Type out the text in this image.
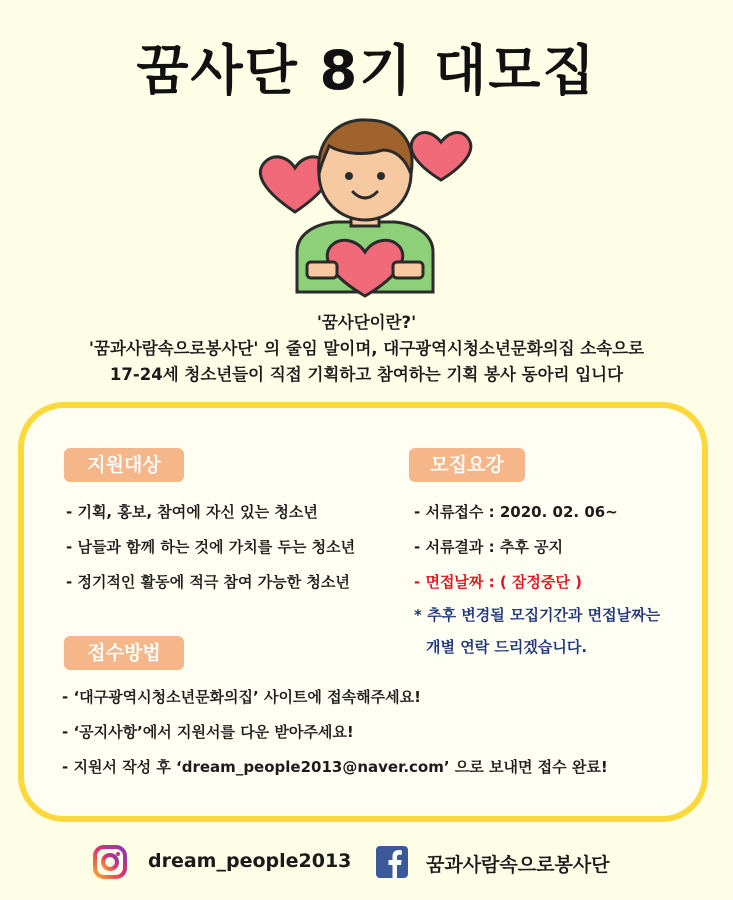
꿈사단 8기 대모집
'꿈사단이란?'
'꿈과사람속으로봉사단' 의 줄임 말이며, 대구광역시청소년문화의집 소속으로
17-24세 청소년들이 직접 기획하고 참여하는 기획 봉사 동아리 입니다
지원대상
- 기획, 홍보, 참여에 자신 있는 청소년
- 남들과 함께 하는 것에 가치를 두는 청소년
- 정기적인 활동에 적극 참여 가능한 청소년
모집요강
- 서류접수 : 2020. 02. 06~
- 서류결과 : 추후 공지
- 면접날짜 : ( 잠정중단 )
* 추후 변경될 모집기간과 면접날짜는
개별 연락 드리겠습니다.
접수방법
- ‘대구광역시청소년문화의집’ 사이트에 접속해주세요!
- ‘공지사항’에서 지원서를 다운 받아주세요!
- 지원서 작성 후 ‘dream_people2013@naver.com’ 으로 보내면 접수 완료!
dream_people2013	꿈과사람속으로봉사단
